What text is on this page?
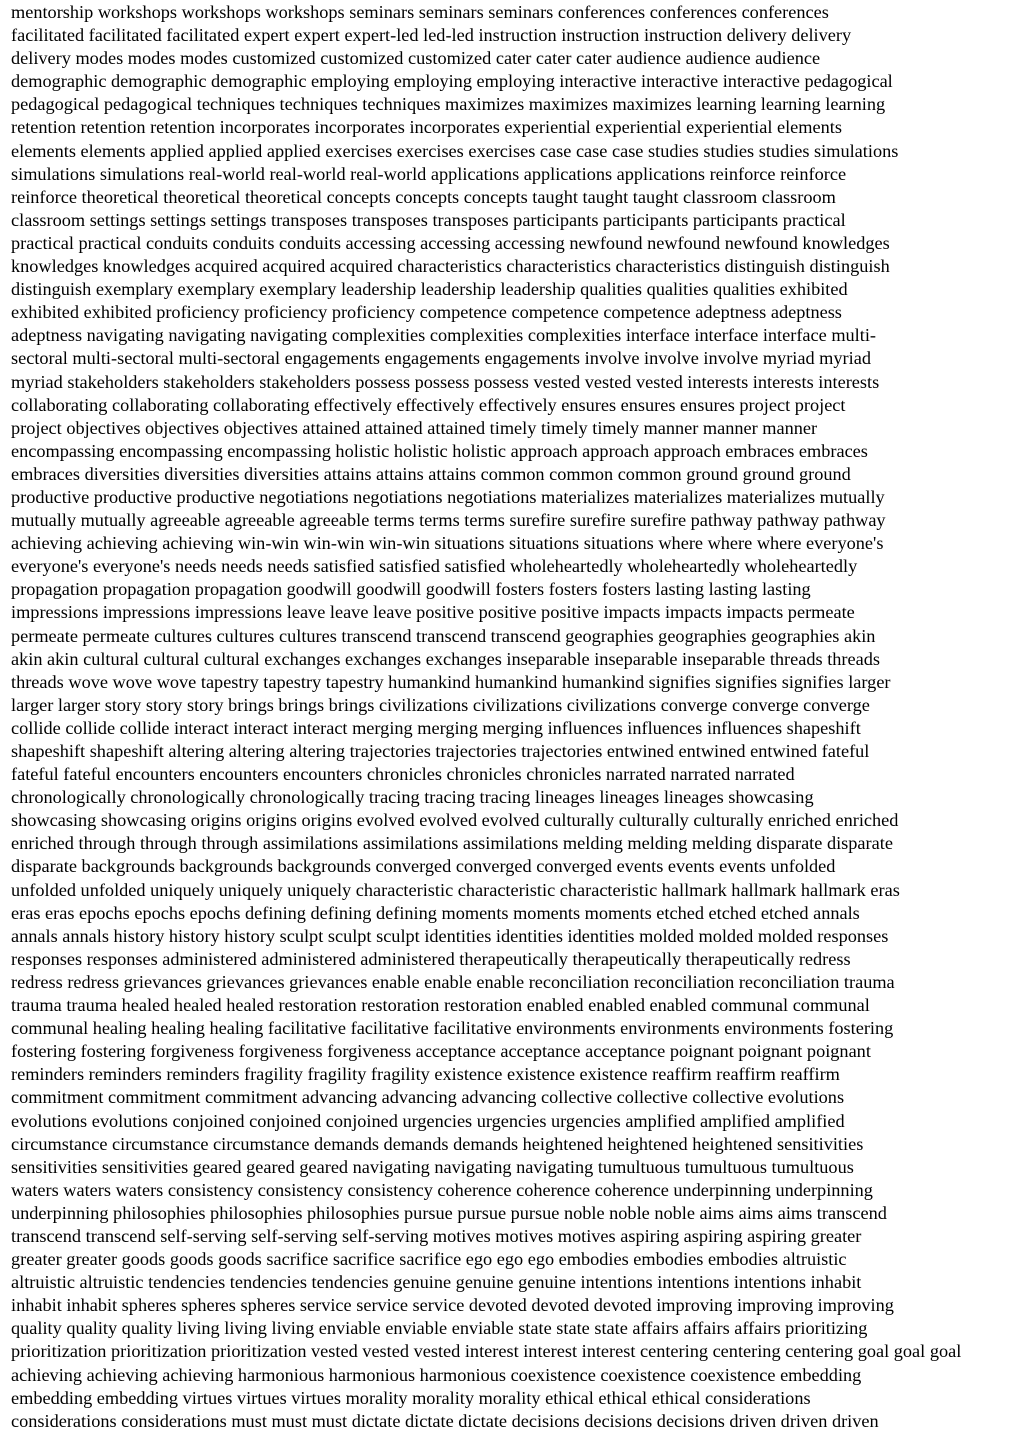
mentorship workshops workshops workshops seminars seminars seminars conferences conferences conferences
facilitated facilitated facilitated expert expert expert-led led-led instruction instruction instruction delivery delivery
delivery modes modes modes customized customized customized cater cater cater audience audience audience
demographic demographic demographic employing employing employing interactive interactive interactive pedagogical
pedagogical pedagogical techniques techniques techniques maximizes maximizes maximizes learning learning learning
retention retention retention incorporates incorporates incorporates experiential experiential experiential elements
elements elements applied applied applied exercises exercises exercises case case case studies studies studies simulations
simulations simulations real-world real-world real-world applications applications applications reinforce reinforce
reinforce theoretical theoretical theoretical concepts concepts concepts taught taught taught classroom classroom
classroom settings settings settings transposes transposes transposes participants participants participants practical
practical practical conduits conduits conduits accessing accessing accessing newfound newfound newfound knowledges
knowledges knowledges acquired acquired acquired characteristics characteristics characteristics distinguish distinguish
distinguish exemplary exemplary exemplary leadership leadership leadership qualities qualities qualities exhibited
exhibited exhibited proficiency proficiency proficiency competence competence competence adeptness adeptness
adeptness navigating navigating navigating complexities complexities complexities interface interface interface multi-
sectoral multi-sectoral multi-sectoral engagements engagements engagements involve involve involve myriad myriad
myriad stakeholders stakeholders stakeholders possess possess possess vested vested vested interests interests interests
collaborating collaborating collaborating effectively effectively effectively ensures ensures ensures project project
project objectives objectives objectives attained attained attained timely timely timely manner manner manner
encompassing encompassing encompassing holistic holistic holistic approach approach approach embraces embraces
embraces diversities diversities diversities attains attains attains common common common ground ground ground
productive productive productive negotiations negotiations negotiations materializes materializes materializes mutually
mutually mutually agreeable agreeable agreeable terms terms terms surefire surefire surefire pathway pathway pathway
achieving achieving achieving win-win win-win win-win situations situations situations where where where everyone's
everyone's everyone's needs needs needs satisfied satisfied satisfied wholeheartedly wholeheartedly wholeheartedly
propagation propagation propagation goodwill goodwill goodwill fosters fosters fosters lasting lasting lasting
impressions impressions impressions leave leave leave positive positive positive impacts impacts impacts permeate
permeate permeate cultures cultures cultures transcend transcend transcend geographies geographies geographies akin
akin akin cultural cultural cultural exchanges exchanges exchanges inseparable inseparable inseparable threads threads
threads wove wove wove tapestry tapestry tapestry humankind humankind humankind signifies signifies signifies larger
larger larger story story story brings brings brings civilizations civilizations civilizations converge converge converge
collide collide collide interact interact interact merging merging merging influences influences influences shapeshift
shapeshift shapeshift altering altering altering trajectories trajectories trajectories entwined entwined entwined fateful
fateful fateful encounters encounters encounters chronicles chronicles chronicles narrated narrated narrated
chronologically chronologically chronologically tracing tracing tracing lineages lineages lineages showcasing
showcasing showcasing origins origins origins evolved evolved evolved culturally culturally culturally enriched enriched
enriched through through through assimilations assimilations assimilations melding melding melding disparate disparate
disparate backgrounds backgrounds backgrounds converged converged converged events events events unfolded
unfolded unfolded uniquely uniquely uniquely characteristic characteristic characteristic hallmark hallmark hallmark eras
eras eras epochs epochs epochs defining defining defining moments moments moments etched etched etched annals
annals annals history history history sculpt sculpt sculpt identities identities identities molded molded molded responses
responses responses administered administered administered therapeutically therapeutically therapeutically redress
redress redress grievances grievances grievances enable enable enable reconciliation reconciliation reconciliation trauma
trauma trauma healed healed healed restoration restoration restoration enabled enabled enabled communal communal
communal healing healing healing facilitative facilitative facilitative environments environments environments fostering
fostering fostering forgiveness forgiveness forgiveness acceptance acceptance acceptance poignant poignant poignant
reminders reminders reminders fragility fragility fragility existence existence existence reaffirm reaffirm reaffirm
commitment commitment commitment advancing advancing advancing collective collective collective evolutions
evolutions evolutions conjoined conjoined conjoined urgencies urgencies urgencies amplified amplified amplified
circumstance circumstance circumstance demands demands demands heightened heightened heightened sensitivities
sensitivities sensitivities geared geared geared navigating navigating navigating tumultuous tumultuous tumultuous
waters waters waters consistency consistency consistency coherence coherence coherence underpinning underpinning
underpinning philosophies philosophies philosophies pursue pursue pursue noble noble noble aims aims aims transcend
transcend transcend self-serving self-serving self-serving motives motives motives aspiring aspiring aspiring greater
greater greater goods goods goods sacrifice sacrifice sacrifice ego ego ego embodies embodies embodies altruistic
altruistic altruistic tendencies tendencies tendencies genuine genuine genuine intentions intentions intentions inhabit
inhabit inhabit spheres spheres spheres service service service devoted devoted devoted improving improving improving
quality quality quality living living living enviable enviable enviable state state state affairs affairs affairs prioritizing
prioritization prioritization prioritization vested vested vested interest interest interest centering centering centering goal goal goal
achieving achieving achieving harmonious harmonious harmonious coexistence coexistence coexistence embedding
embedding embedding virtues virtues virtues morality morality morality ethical ethical ethical considerations
considerations considerations must must must dictate dictate dictate decisions decisions decisions driven driven driven
